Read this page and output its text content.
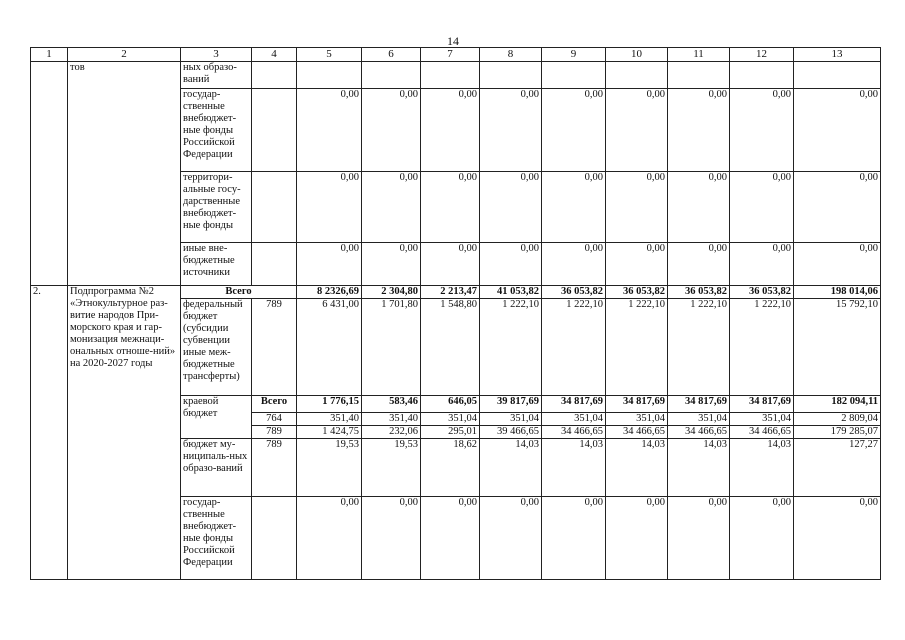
14
1	2	3	4	5	6	7	8	9	10	11	12	13
	тов	ных образо-ваний										
		государ-ственные внебюджет-ные фонды Российской Федерации		0,00	0,00	0,00	0,00	0,00	0,00	0,00	0,00	0,00
		территори-альные госу-дарственные внебюджет-ные фонды		0,00	0,00	0,00	0,00	0,00	0,00	0,00	0,00	0,00
		иные вне-бюджетные источники		0,00	0,00	0,00	0,00	0,00	0,00	0,00	0,00	0,00
2.	Подпрограмма №2 «Этнокультурное раз-витие народов При-морского края и гар-монизация межнаци-ональных отноше-ний» на 2020-2027 годы	Всего		8 2326,69	2 304,80	2 213,47	41 053,82	36 053,82	36 053,82	36 053,82	36 053,82	198 014,06
		федеральный бюджет (субсидии субвенции иные меж-бюджетные трансферты)	789	6 431,00	1 701,80	1 548,80	1 222,10	1 222,10	1 222,10	1 222,10	1 222,10	15 792,10
		краевой бюджет	Всего	1 776,15	583,46	646,05	39 817,69	34 817,69	34 817,69	34 817,69	34 817,69	182 094,11
			764	351,40	351,40	351,04	351,04	351,04	351,04	351,04	351,04	2 809,04
			789	1 424,75	232,06	295,01	39 466,65	34 466,65	34 466,65	34 466,65	34 466,65	179 285,07
		бюджет му-ниципаль-ных образо-ваний	789	19,53	19,53	18,62	14,03	14,03	14,03	14,03	14,03	127,27
		государ-ственные внебюджет-ные фонды Российской Федерации		0,00	0,00	0,00	0,00	0,00	0,00	0,00	0,00	0,00
